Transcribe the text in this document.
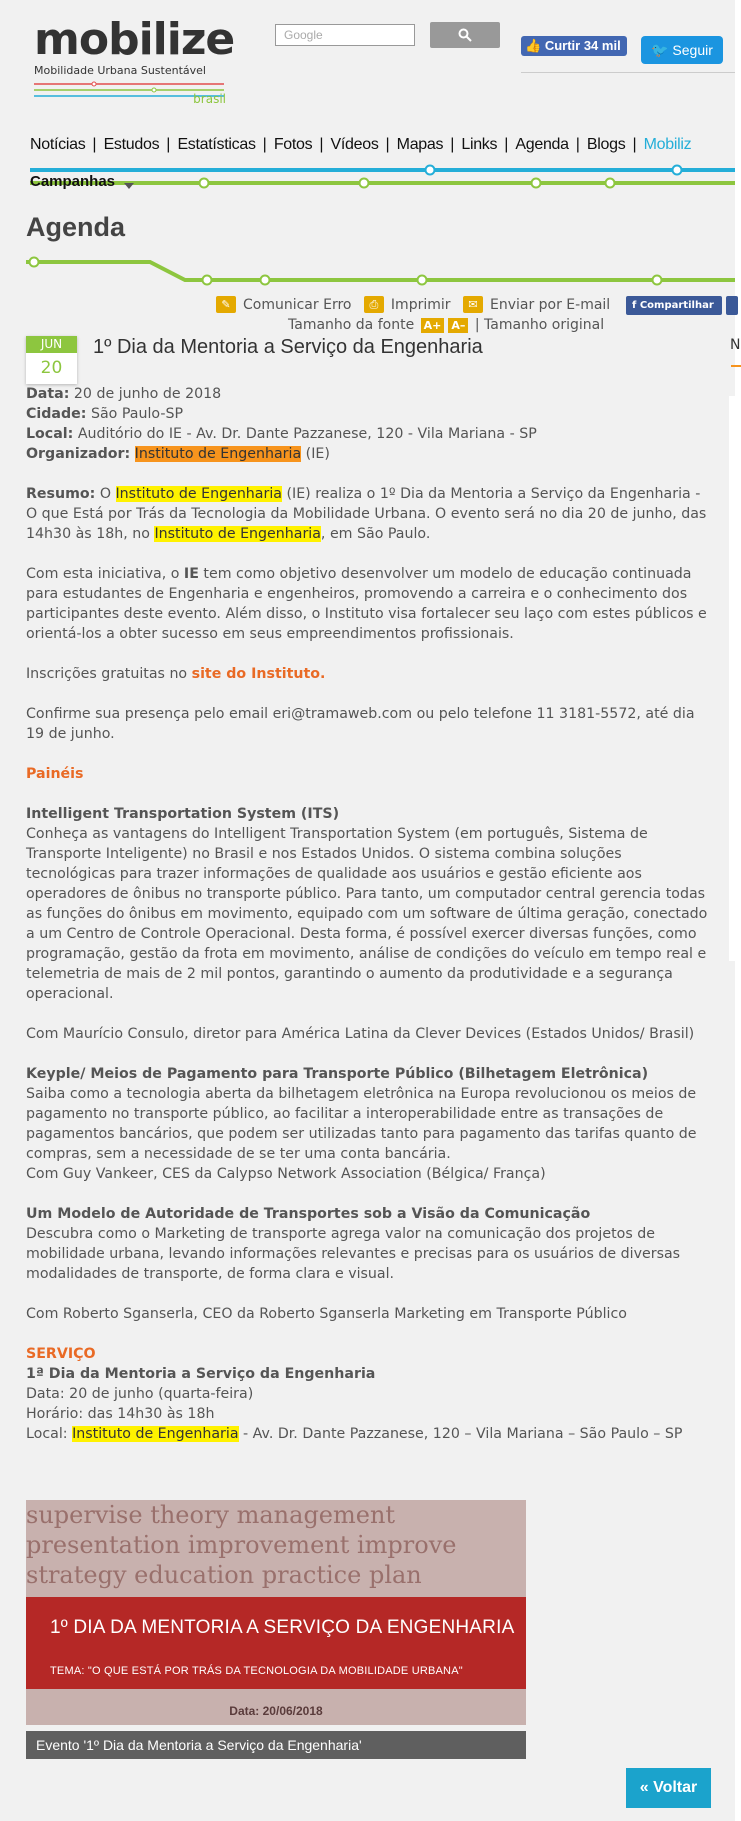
mobilize
Mobilidade Urbana Sustentável
brasil
Google
👍 Curtir 34 mil	🐦 Seguir
Notícias | Estudos | Estatísticas | Fotos | Vídeos | Mapas | Links | Agenda | Blogs | Mobiliz
Campanhas
Agenda
✎ Comunicar Erro
	⎙ Imprimir
	✉ Enviar por E-mail	f Compartilhar
Tamanho da fonte A+ A– | Tamanho original
JUN
20
1º Dia da Mentoria a Serviço da Engenharia	N

Data: 20 de junho de 2018

Cidade: São Paulo-SP

Local: Auditório do IE - Av. Dr. Dante Pazzanese, 120 - Vila Mariana - SP

Organizador: Instituto de Engenharia (IE)

Resumo: O Instituto de Engenharia (IE) realiza o 1º Dia da Mentoria a Serviço da Engenharia - O que Está por Trás da Tecnologia da Mobilidade Urbana. O evento será no dia 20 de junho, das 14h30 às 18h, no Instituto de Engenharia, em São Paulo.

Com esta iniciativa, o IE tem como objetivo desenvolver um modelo de educação continuada para estudantes de Engenharia e engenheiros, promovendo a carreira e o conhecimento dos participantes deste evento. Além disso, o Instituto visa fortalecer seu laço com estes públicos e orientá-los a obter sucesso em seus empreendimentos profissionais.

Inscrições gratuitas no site do Instituto.

Confirme sua presença pelo email eri@tramaweb.com ou pelo telefone 11 3181-5572, até dia 19 de junho.

Painéis

Intelligent Transportation System (ITS)
Conheça as vantagens do Intelligent Transportation System (em português, Sistema de Transporte Inteligente) no Brasil e nos Estados Unidos. O sistema combina soluções tecnológicas para trazer informações de qualidade aos usuários e gestão eficiente aos operadores de ônibus no transporte público. Para tanto, um computador central gerencia todas as funções do ônibus em movimento, equipado com um software de última geração, conectado a um Centro de Controle Operacional. Desta forma, é possível exercer diversas funções, como programação, gestão da frota em movimento, análise de condições do veículo em tempo real e telemetria de mais de 2 mil pontos, garantindo o aumento da produtividade e a segurança operacional.

Com Maurício Consulo, diretor para América Latina da Clever Devices (Estados Unidos/ Brasil)

Keyple/ Meios de Pagamento para Transporte Público (Bilhetagem Eletrônica)
Saiba como a tecnologia aberta da bilhetagem eletrônica na Europa revolucionou os meios de pagamento no transporte público, ao facilitar a interoperabilidade entre as transações de pagamentos bancários, que podem ser utilizadas tanto para pagamento das tarifas quanto de compras, sem a necessidade de se ter uma conta bancária.
Com Guy Vankeer, CES da Calypso Network Association (Bélgica/ França)

Um Modelo de Autoridade de Transportes sob a Visão da Comunicação
Descubra como o Marketing de transporte agrega valor na comunicação dos projetos de mobilidade urbana, levando informações relevantes e precisas para os usuários de diversas modalidades de transporte, de forma clara e visual.

Com Roberto Sganserla, CEO da Roberto Sganserla Marketing em Transporte Público

SERVIÇO
1ª Dia da Mentoria a Serviço da Engenharia
Data: 20 de junho (quarta-feira)
Horário: das 14h30 às 18h
Local: Instituto de Engenharia - Av. Dr. Dante Pazzanese, 120 – Vila Mariana – São Paulo – SP
supervise theory management presentation improvement improve strategy education practice plan
1º DIA DA MENTORIA A SERVIÇO DA ENGENHARIA
TEMA: "O QUE ESTÁ POR TRÁS DA TECNOLOGIA DA MOBILIDADE URBANA"
Data: 20/06/2018
Evento '1º Dia da Mentoria a Serviço da Engenharia'
« Voltar
